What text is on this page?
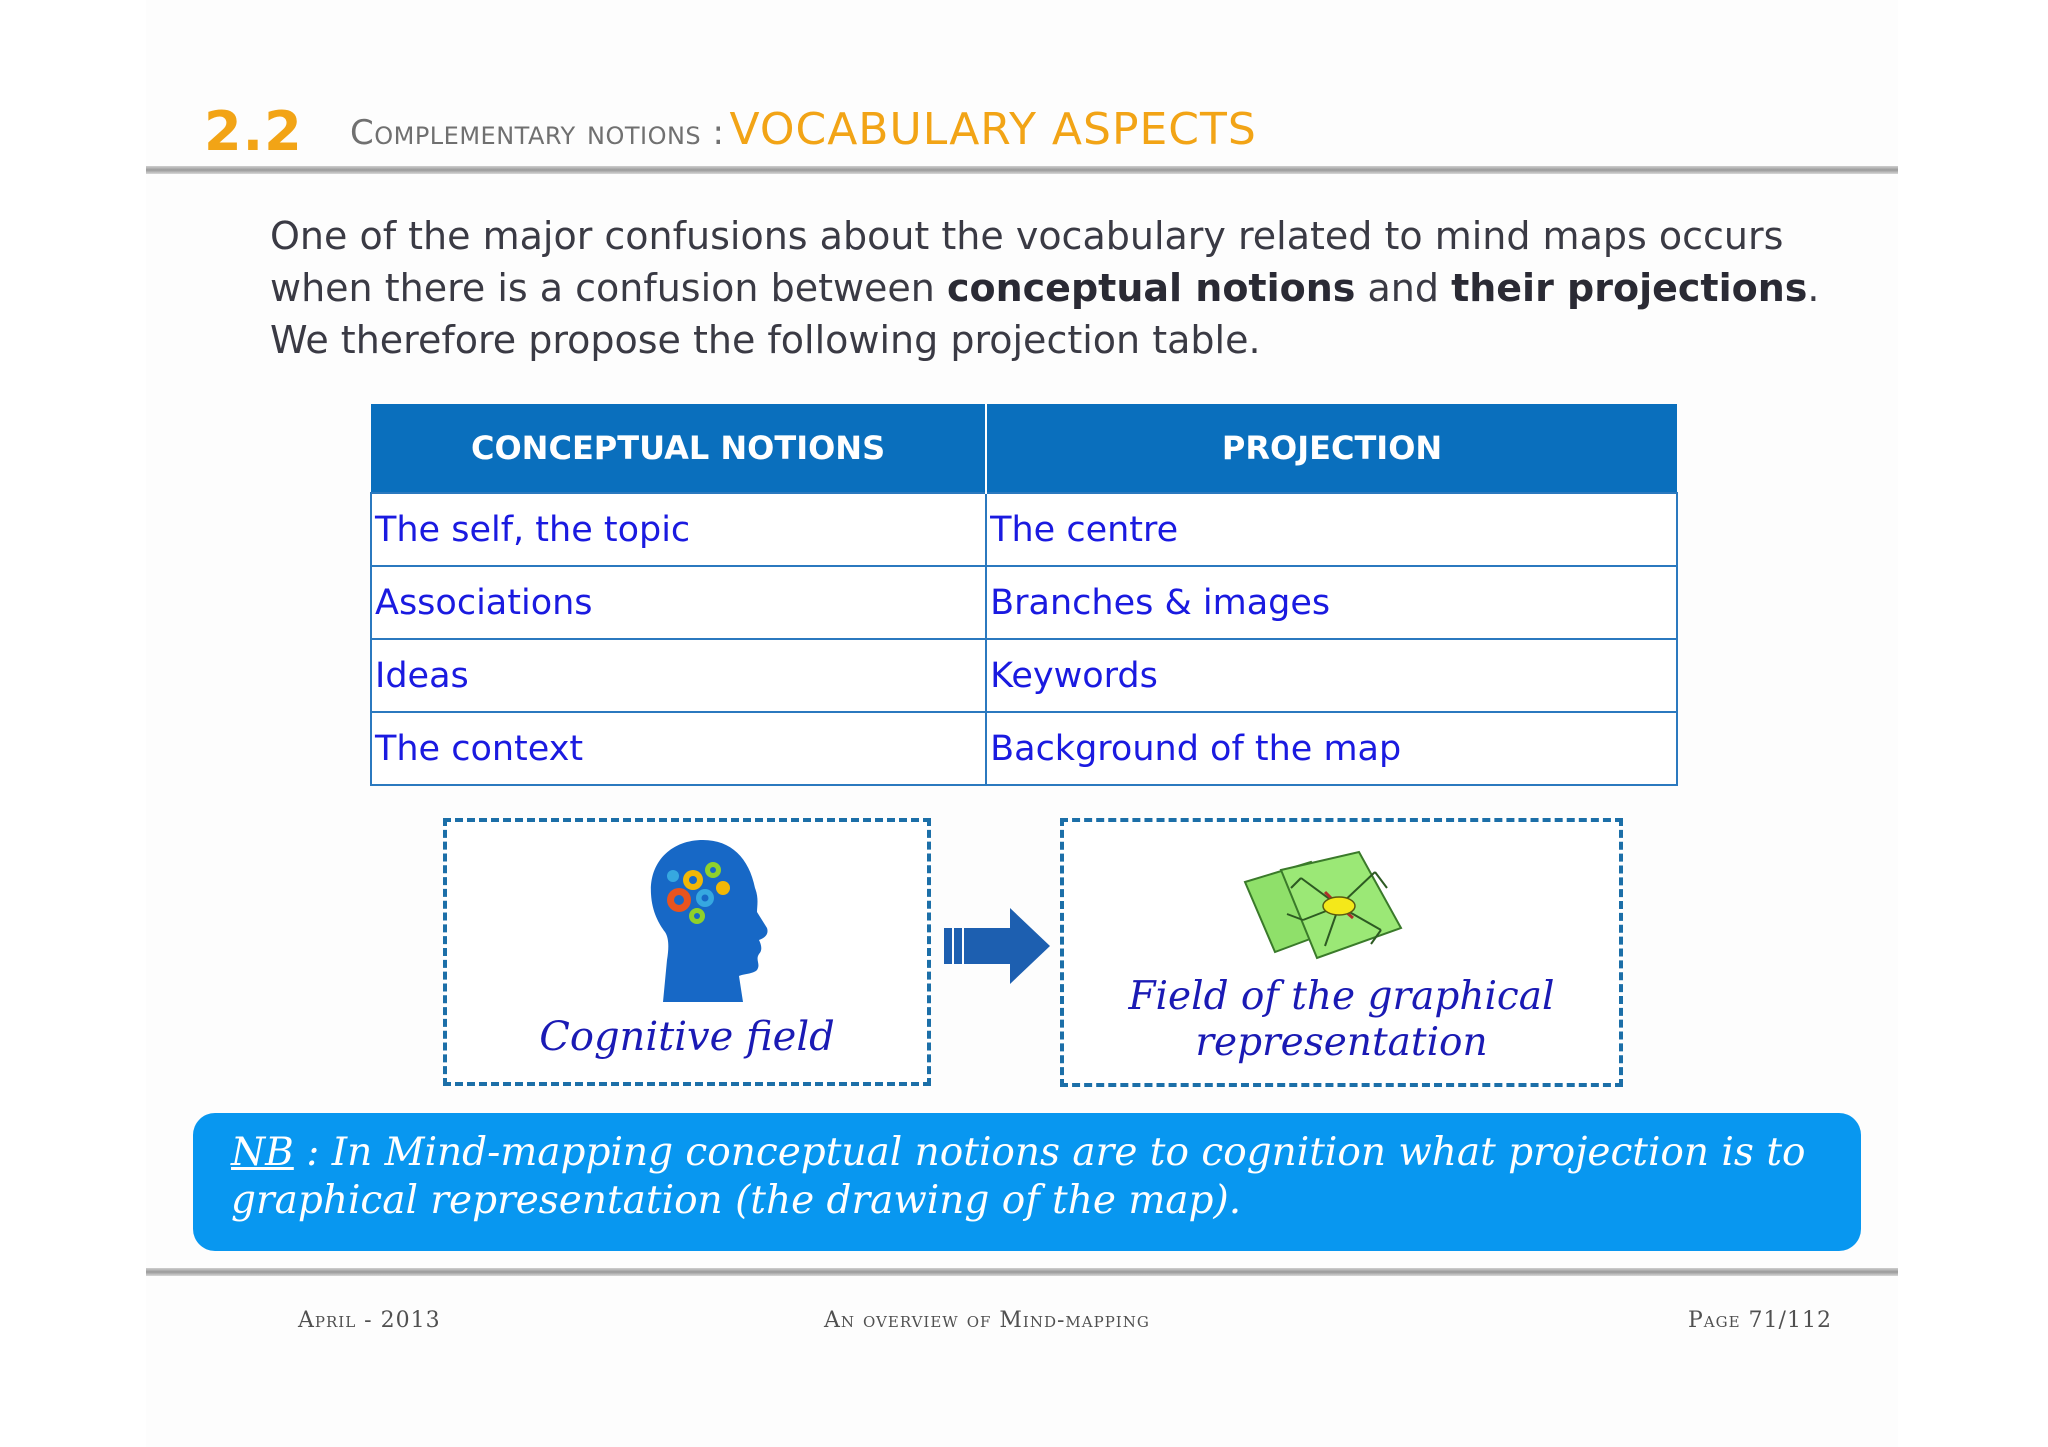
2.2 Complementary notions : VOCABULARY ASPECTS
One of the major confusions about the vocabulary related to mind maps occurs when there is a confusion between conceptual notions and their projections. We therefore propose the following projection table.
CONCEPTUAL NOTIONS	PROJECTION
The self, the topic	The centre
Associations	Branches & images
Ideas	Keywords
The context	Background of the map
Cognitive field
Field of the graphical
representation
NB : In Mind-mapping conceptual notions are to cognition what projection is to graphical representation (the drawing of the map).
April - 2013	An overview of Mind-mapping	Page 71/112
